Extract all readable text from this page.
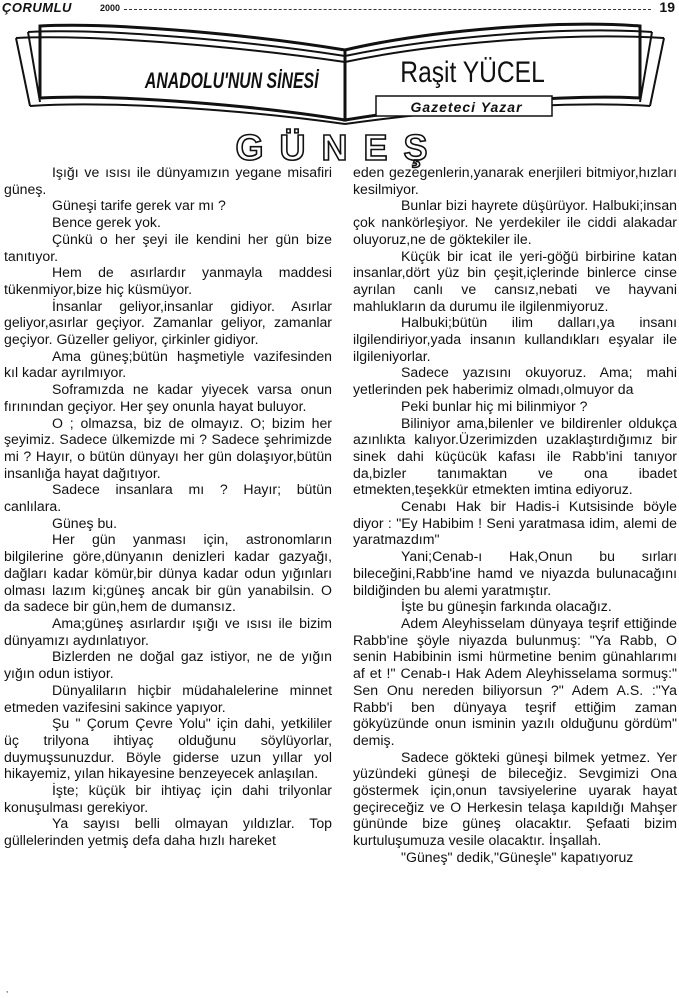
ÇORUMLU	2000	19
ANADOLU'NUN SİNESİ	Raşit YÜCEL
Gazeteci Yazar
GÜNEŞ

Işığı ve ısısı ile dünyamızın yegane misafiri güneş.

Güneşi tarife gerek var mı ?

Bence gerek yok.

Çünkü o her şeyi ile kendini her gün bize tanıtıyor.

Hem de asırlardır yanmayla maddesi tükenmiyor,bize hiç küsmüyor.

İnsanlar geliyor,insanlar gidiyor. Asırlar geliyor,asırlar geçiyor. Zamanlar geliyor, zamanlar geçiyor. Güzeller geliyor, çirkinler gidiyor.

Ama güneş;bütün haşmetiyle vazifesinden kıl kadar ayrılmıyor.

Soframızda ne kadar yiyecek varsa onun fırınından geçiyor. Her şey onunla hayat buluyor.

O ; olmazsa, biz de olmayız. O; bizim her şeyimiz. Sadece ülkemizde mi ? Sadece şehrimizde mi ? Hayır, o bütün dünyayı her gün dolaşıyor,bütün insanlığa hayat dağıtıyor.

Sadece insanlara mı ? Hayır; bütün canlılara.

Güneş bu.

Her gün yanması için, astronomların bilgilerine göre,dünyanın denizleri kadar gazyağı, dağları kadar kömür,bir dünya kadar odun yığınları olması lazım ki;güneş ancak bir gün yanabilsin. O da sadece bir gün,hem de dumansız.

Ama;güneş asırlardır ışığı ve ısısı ile bizim dünyamızı aydınlatıyor.

Bizlerden ne doğal gaz istiyor, ne de yığın yığın odun istiyor.

Dünyaliların hiçbir müdahalelerine minnet etmeden vazifesini sakince yapıyor.

Şu " Çorum Çevre Yolu" için dahi, yetkililer üç trilyona ihtiyaç olduğunu söylüyorlar, duymuşsunuzdur. Böyle giderse uzun yıllar yol hikayemiz, yılan hikayesine benzeyecek anlaşılan.

İşte; küçük bir ihtiyaç için dahi trilyonlar konuşulması gerekiyor.

Ya sayısı belli olmayan yıldızlar. Top güllelerinden yetmiş defa daha hızlı hareket

eden gezegenlerin,yanarak enerjileri bitmiyor,hızları kesilmiyor.

Bunlar bizi hayrete düşürüyor. Halbuki;insan çok nankörleşiyor. Ne yerdekiler ile ciddi alakadar oluyoruz,ne de göktekiler ile.

Küçük bir icat ile yeri-göğü birbirine katan insanlar,dört yüz bin çeşit,içlerinde binlerce cinse ayrılan canlı ve cansız,nebati ve hayvani mahlukların da durumu ile ilgilenmiyoruz.

Halbuki;bütün ilim dalları,ya insanı ilgilendiriyor,yada insanın kullandıkları eşyalar ile ilgileniyorlar.

Sadece yazısını okuyoruz. Ama; mahi yetlerinden pek haberimiz olmadı,olmuyor da

Peki bunlar hiç mi bilinmiyor ?

Biliniyor ama,bilenler ve bildirenler oldukça azınlıkta kalıyor.Üzerimizden uzaklaştırdığımız bir sinek dahi küçücük kafası ile Rabb'ini tanıyor da,bizler tanımaktan ve ona ibadet etmekten,teşekkür etmekten imtina ediyoruz.

Cenabı Hak bir Hadis-i Kutsisinde böyle diyor : "Ey Habibim ! Seni yaratmasa idim, alemi de yaratmazdım"

Yani;Cenab-ı Hak,Onun bu sırları bileceğini,Rabb'ine hamd ve niyazda bulunacağını bildiğinden bu alemi yaratmıştır.

İşte bu güneşin farkında olacağız.

Adem Aleyhisselam dünyaya teşrif ettiğinde Rabb'ine şöyle niyazda bulunmuş: "Ya Rabb, O senin Habibinin ismi hürmetine benim günahlarımı af et !" Cenab-ı Hak Adem Aleyhisselama sormuş:" Sen Onu nereden biliyorsun ?" Adem A.S. :"Ya Rabb'i ben dünyaya teşrif ettiğim zaman gökyüzünde onun isminin yazılı olduğunu gördüm" demiş.

Sadece gökteki güneşi bilmek yetmez. Yer yüzündeki güneşi de bileceğiz. Sevgimizi Ona göstermek için,onun tavsiyelerine uyarak hayat geçireceğiz ve O Herkesin telaşa kapıldığı Mahşer gününde bize güneş olacaktır. Şefaati bizim kurtuluşumuza vesile olacaktır. İnşallah.

"Güneş" dedik,"Güneşle" kapatıyoruz

,
